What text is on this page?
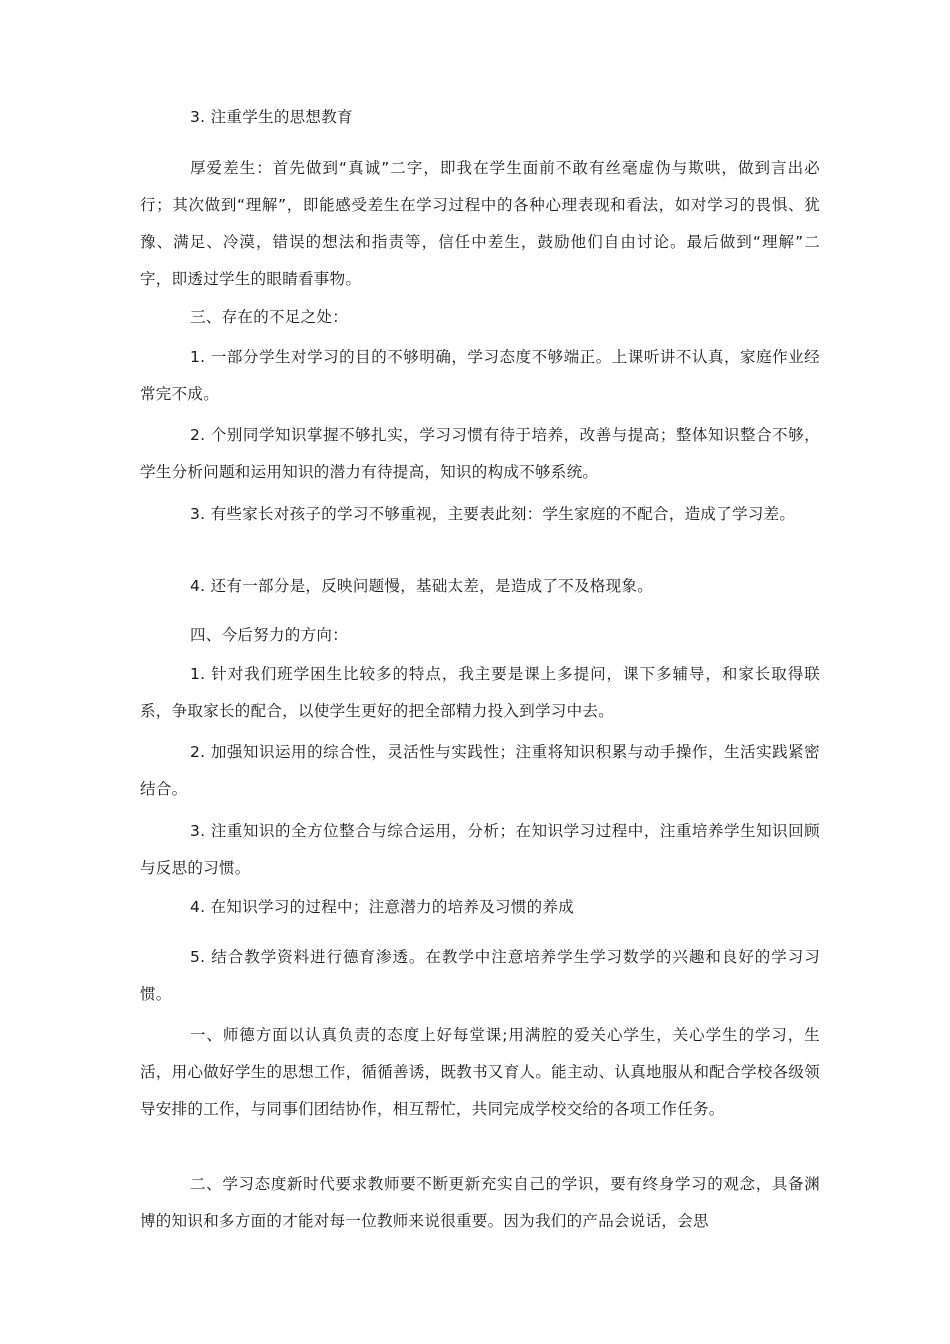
3. 注重学生的思想教育

厚爱差生：首先做到“真诚”二字，即我在学生面前不敢有丝毫虚伪与欺哄，做到言出必行；其次做到“理解”，即能感受差生在学习过程中的各种心理表现和看法，如对学习的畏惧、犹豫、满足、冷漠，错误的想法和指责等，信任中差生，鼓励他们自由讨论。最后做到“理解”二字，即透过学生的眼睛看事物。

三、存在的不足之处：

1. 一部分学生对学习的目的不够明确，学习态度不够端正。上课听讲不认真，家庭作业经常完不成。

2. 个别同学知识掌握不够扎实，学习习惯有待于培养，改善与提高；整体知识整合不够，学生分析问题和运用知识的潜力有待提高，知识的构成不够系统。

3. 有些家长对孩子的学习不够重视，主要表此刻：学生家庭的不配合，造成了学习差。

4. 还有一部分是，反映问题慢，基础太差，是造成了不及格现象。

四、今后努力的方向：

1. 针对我们班学困生比较多的特点，我主要是课上多提问，课下多辅导，和家长取得联系，争取家长的配合，以使学生更好的把全部精力投入到学习中去。

2. 加强知识运用的综合性，灵活性与实践性；注重将知识积累与动手操作，生活实践紧密结合。

3. 注重知识的全方位整合与综合运用，分析；在知识学习过程中，注重培养学生知识回顾与反思的习惯。

4. 在知识学习的过程中；注意潜力的培养及习惯的养成

5. 结合教学资料进行德育渗透。在教学中注意培养学生学习数学的兴趣和良好的学习习惯。

一、师德方面以认真负责的态度上好每堂课;用满腔的爱关心学生，关心学生的学习，生活，用心做好学生的思想工作，循循善诱，既教书又育人。能主动、认真地服从和配合学校各级领导安排的工作，与同事们团结协作，相互帮忙，共同完成学校交给的各项工作任务。

二、学习态度新时代要求教师要不断更新充实自己的学识，要有终身学习的观念，具备渊博的知识和多方面的才能对每一位教师来说很重要。因为我们的产品会说话，会思
